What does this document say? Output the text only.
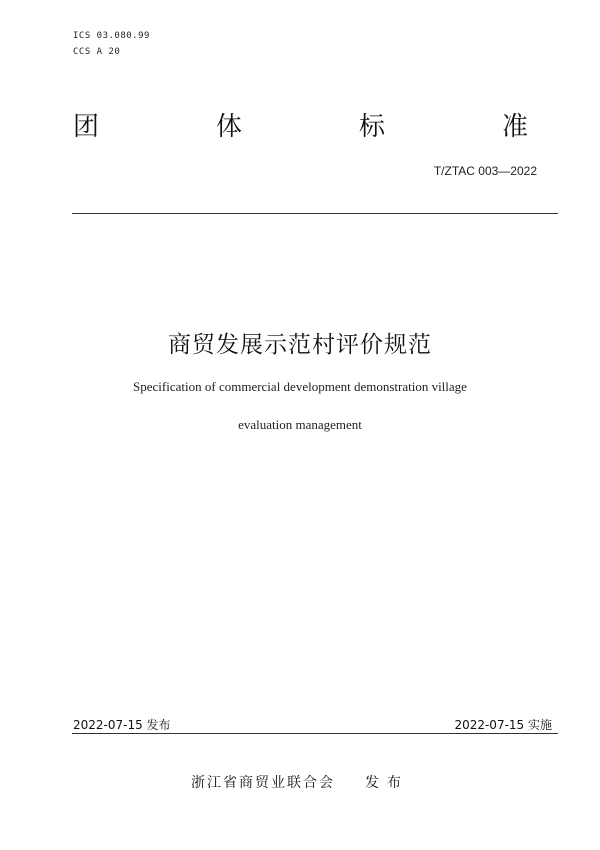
ICS 03.080.99
CCS A 20
团	体	标	准
T/ZTAC 003—2022
商贸发展示范村评价规范
Specification of commercial development demonstration village
evaluation management
2022-07-15 发布	2022-07-15 实施
浙江省商贸业联合会 发布
